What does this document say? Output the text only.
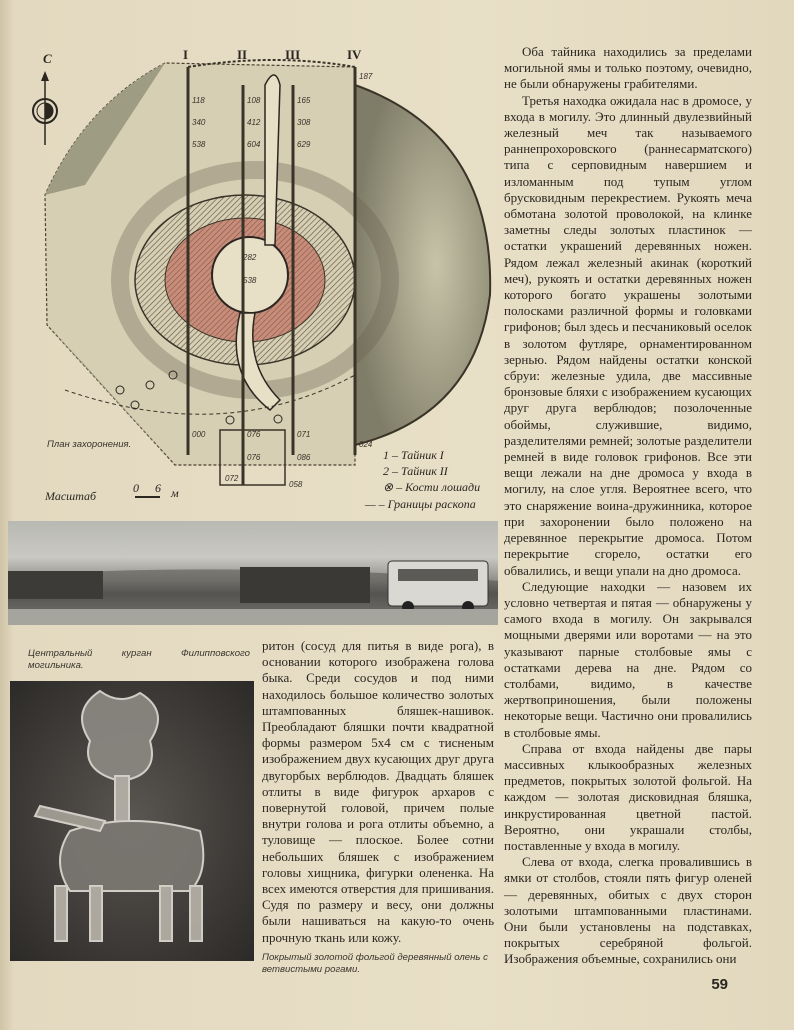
С	I	II	III	IV
118
340
538
108
412
604
165
308
629
187
000	076	071
076	086
072
058
024
282
538
План захоронения.
Масштаб
0 6 м
1 – Тайник I
2 – Тайник II
⊗ – Кости лошади
— – Границы раскопа
Центральный курган Филипповского могильника.

ритон (сосуд для питья в виде рога), в основании которого изображена голова быка. Среди сосудов и под ними находилось большое количество золотых штампованных бляшек-нашивок. Преобладают бляшки почти квадратной формы размером 5х4 см с тисненым изображением двух кусающих друг друга двугорбых верблюдов. Двадцать бляшек отлиты в виде фигурок архаров с повернутой головой, причем полые внутри голова и рога отлиты объемно, а туловище — плоское. Более сотни небольших бляшек с изображением головы хищника, фигурки олененка. На всех имеются отверстия для пришивания. Судя по размеру и весу, они должны были нашиваться на какую-то очень прочную ткань или кожу.

Покрытый золотой фольгой деревянный олень с ветвистыми рогами.

Оба тайника находились за пределами могильной ямы и только поэтому, очевидно, не были обнаружены грабителями.

Третья находка ожидала нас в дромосе, у входа в могилу. Это длинный двулезвийный железный меч так называемого раннепрохоровского (раннесарматского) типа с серповидным навершием и изломанным под тупым углом брусковидным перекрестием. Рукоять меча обмотана золотой проволокой, на клинке заметны следы золотых пластинок — остатки украшений деревянных ножен. Рядом лежал железный акинак (короткий меч), рукоять и остатки деревянных ножен которого богато украшены золотыми полосками различной формы и головками грифонов; был здесь и песчаниковый оселок в золотом футляре, орнаментированном зернью. Рядом найдены остатки конской сбруи: железные удила, две массивные бронзовые бляхи с изображением кусающих друг друга верблюдов; позолоченные обоймы, служившие, видимо, разделителями ремней; золотые разделители ремней в виде головок грифонов. Все эти вещи лежали на дне дромоса у входа в могилу, на слое угля. Вероятнее всего, что это снаряжение воина-дружинника, которое при захоронении было положено на деревянное перекрытие дромоса. Потом перекрытие сгорело, остатки его обвалились, и вещи упали на дно дромоса.

Следующие находки — назовем их условно четвертая и пятая — обнаружены у самого входа в могилу. Он закрывался мощными дверями или воротами — на это указывают парные столбовые ямы с остатками дерева на дне. Рядом со столбами, видимо, в качестве жертвоприношения, были положены некоторые вещи. Частично они провалились в столбовые ямы.

Справа от входа найдены две пары массивных клыкообразных железных предметов, покрытых золотой фольгой. На каждом — золотая дисковидная бляшка, инкрустированная цветной пастой. Вероятно, они украшали столбы, поставленные у входа в могилу.

Слева от входа, слегка провалившись в ямки от столбов, стояли пять фигур оленей — деревянных, обитых с двух сторон золотыми штампованными пластинами. Они были установлены на подставках, покрытых серебряной фольгой. Изображения объемные, сохранились они

59
